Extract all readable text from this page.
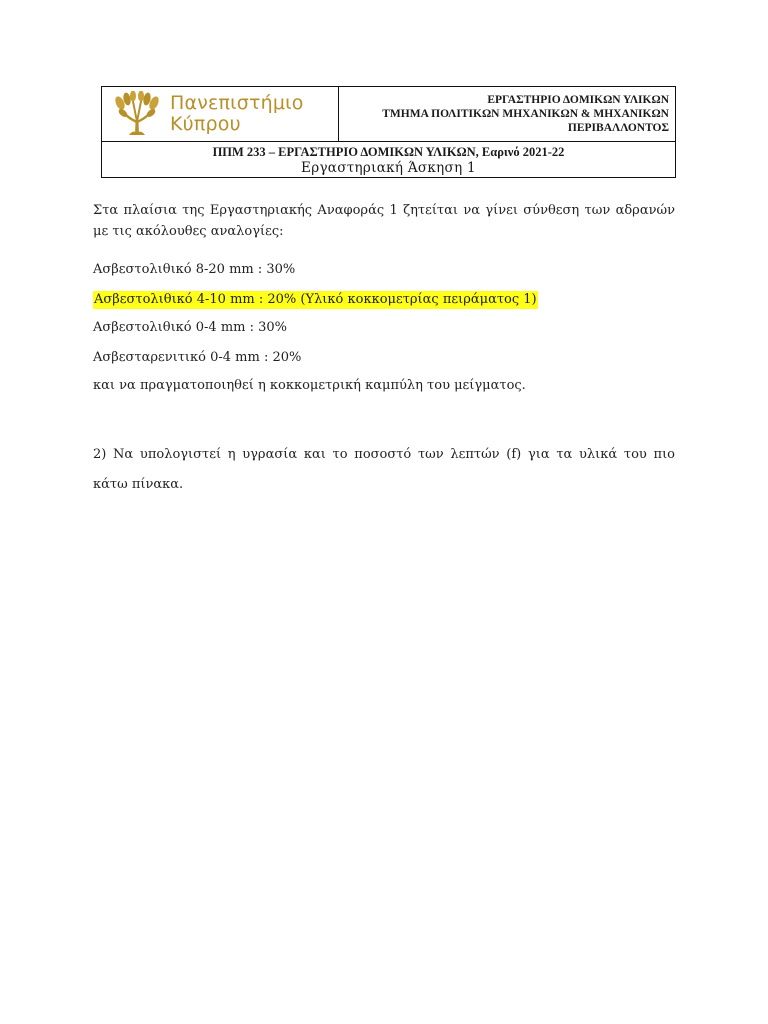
Πανεπιστήμιο
Κύπρου
ΕΡΓΑΣΤΗΡΙΟ ΔΟΜΙΚΩΝ ΥΛΙΚΩΝ
ΤΜΗΜΑ ΠΟΛΙΤΙΚΩΝ ΜΗΧΑΝΙΚΩΝ & ΜΗΧΑΝΙΚΩΝ
ΠΕΡΙΒΑΛΛΟΝΤΟΣ
ΠΠΜ 233 – ΕΡΓΑΣΤΗΡΙΟ ΔΟΜΙΚΩΝ ΥΛΙΚΩΝ, Εαρινό 2021-22
Εργαστηριακή Άσκηση 1

Στα πλαίσια της Εργαστηριακής Αναφοράς 1 ζητείται να γίνει σύνθεση των αδρανών με τις ακόλουθες αναλογίες:

Ασβεστολιθικό 8-20 mm : 30%
Ασβεστολιθικό 4-10 mm : 20% (Υλικό κοκκομετρίας πειράματος 1)
Ασβεστολιθικό 0-4 mm : 30%
Ασβεσταρενιτικό 0-4 mm : 20%
και να πραγματοποιηθεί η κοκκομετρική καμπύλη του μείγματος.

2) Να υπολογιστεί η υγρασία και το ποσοστό των λεπτών (f) για τα υλικά του πιο κάτω πίνακα.
